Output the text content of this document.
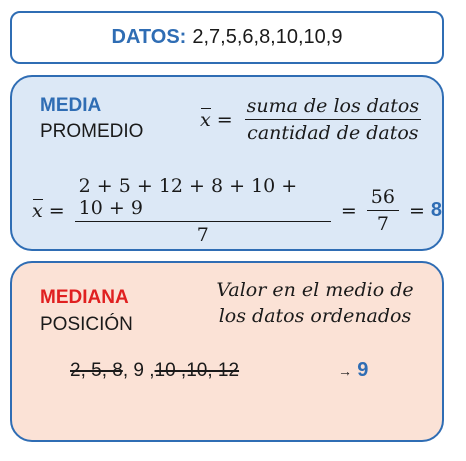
DATOS: 2,7,5,6,8,10,10,9
MEDIA
PROMEDIO
$x = \frac{\text{suma de los datos}}{\text{cantidad de datos}}$
$x = \frac{2 + 5 + 12 + 8 + 10 + 10 + 9}{7} = \frac{56}{7} = 8$
MEDIANA
POSICIÓN
Valor en el medio de
los datos ordenados
2, 5, 8, 9 ,10 ,10, 12	→ 9
